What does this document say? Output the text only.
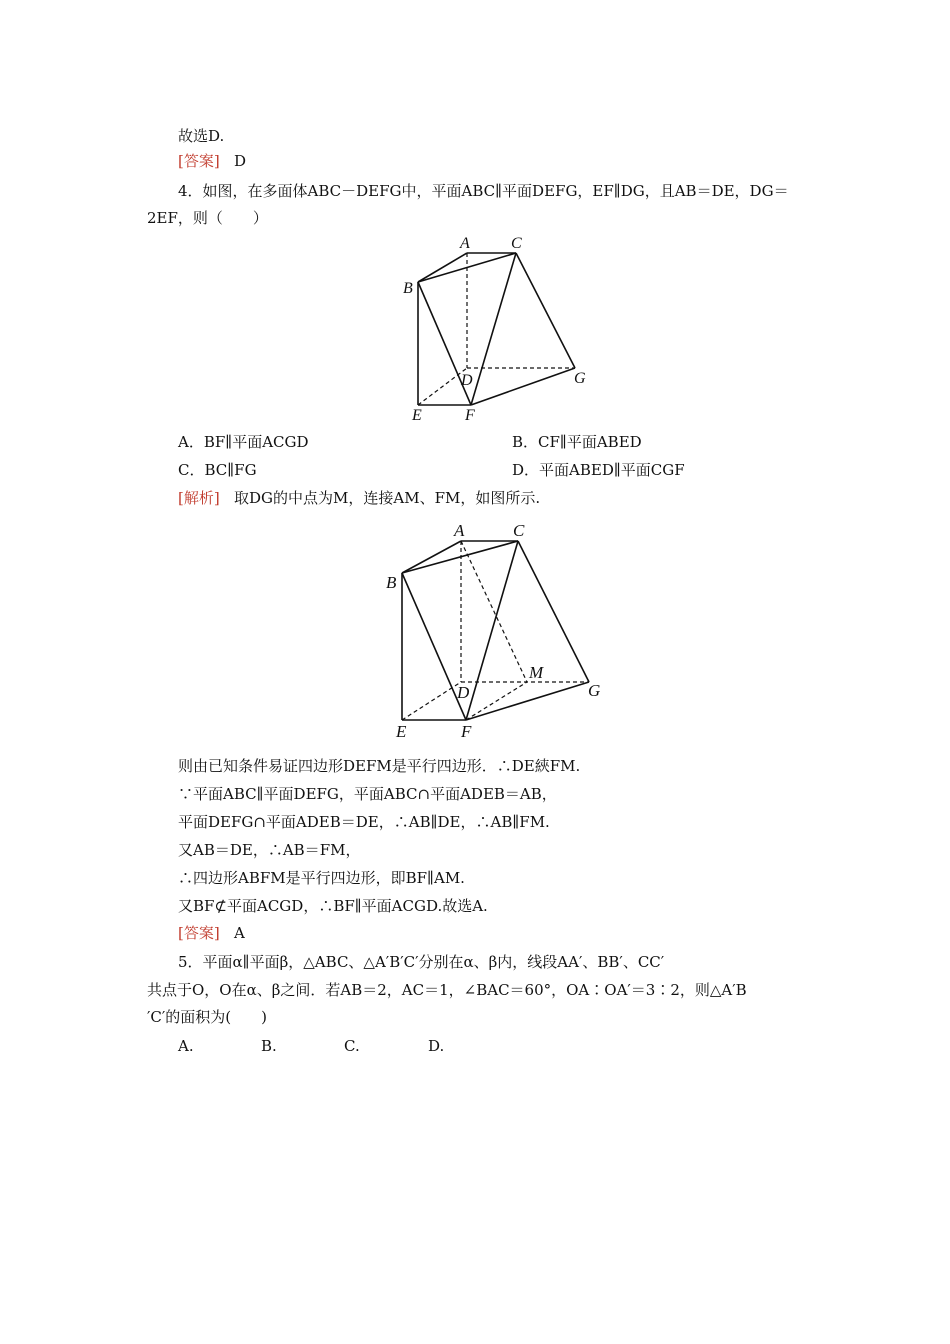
故选D.
[答案] D
4．如图，在多面体ABC－DEFG中，平面ABC∥平面DEFG，EF∥DG，且AB＝DE，DG＝
2EF，则（　　）
A	C
B
D	G
E	F
A．BF∥平面ACGD	B．CF∥平面ABED
C．BC∥FG	D．平面ABED∥平面CGF
[解析] 取DG的中点为M，连接AM、FM，如图所示.
A	C
B
M
D	G
E	F
则由已知条件易证四边形DEFM是平行四边形．∴DE綊FM.
∵平面ABC∥平面DEFG，平面ABC∩平面ADEB＝AB，
平面DEFG∩平面ADEB＝DE，∴AB∥DE，∴AB∥FM.
又AB＝DE，∴AB＝FM，
∴四边形ABFM是平行四边形，即BF∥AM.
又BF⊄平面ACGD，∴BF∥平面ACGD.故选A.
[答案] A
5．平面α∥平面β，△ABC、△A′B′C′分别在α、β内，线段AA′、BB′、CC′
共点于O，O在α、β之间．若AB＝2，AC＝1，∠BAC＝60°，OA∶OA′＝3∶2，则△A′B
′C′的面积为(　　)
A.	B.	C.	D.
